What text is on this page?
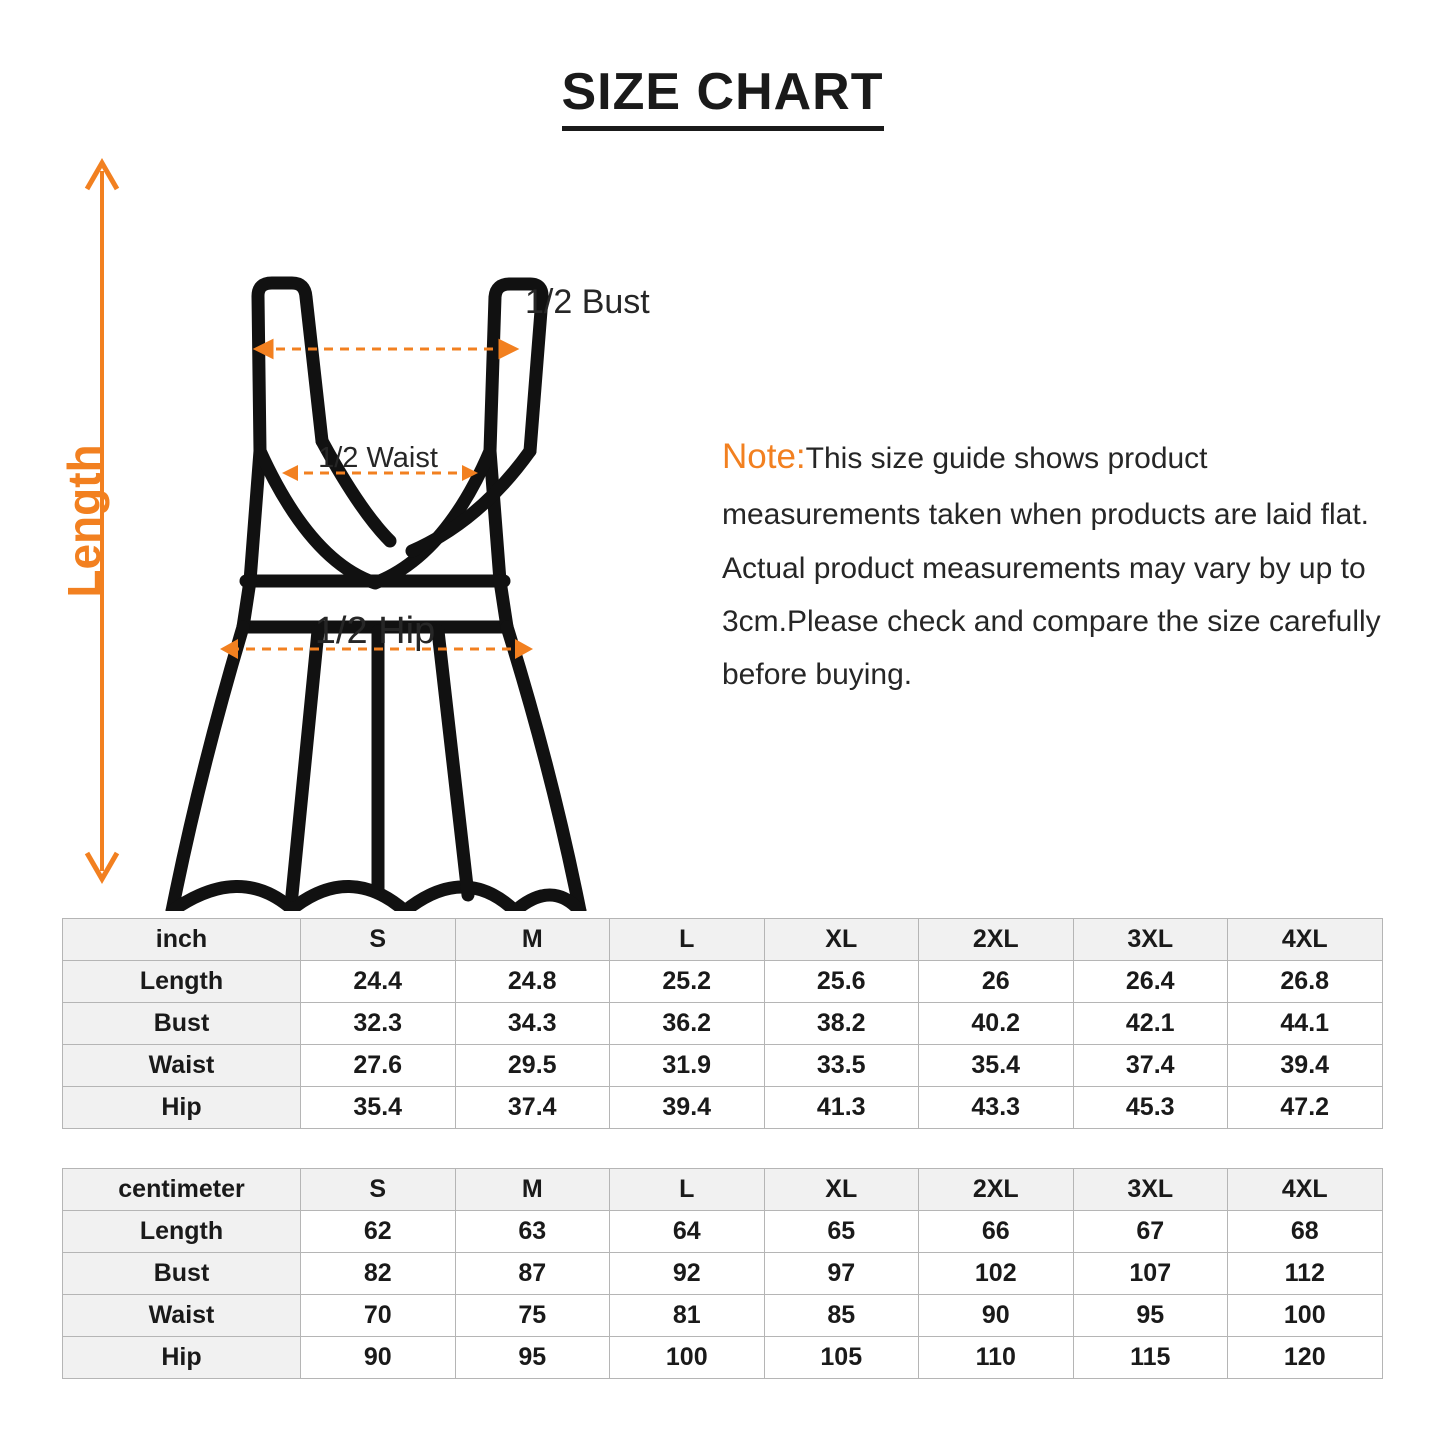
SIZE CHART
Length
1/2 Bust
1/2 Waist
1/2 Hip
Note:This size guide shows product measurements taken when products are laid flat. Actual product measurements may vary by up to 3cm.Please check and compare the size carefully before buying.
inch	S	M	L	XL	2XL	3XL	4XL
Length	24.4	24.8	25.2	25.6	26	26.4	26.8
Bust	32.3	34.3	36.2	38.2	40.2	42.1	44.1
Waist	27.6	29.5	31.9	33.5	35.4	37.4	39.4
Hip	35.4	37.4	39.4	41.3	43.3	45.3	47.2
centimeter	S	M	L	XL	2XL	3XL	4XL
Length	62	63	64	65	66	67	68
Bust	82	87	92	97	102	107	112
Waist	70	75	81	85	90	95	100
Hip	90	95	100	105	110	115	120
